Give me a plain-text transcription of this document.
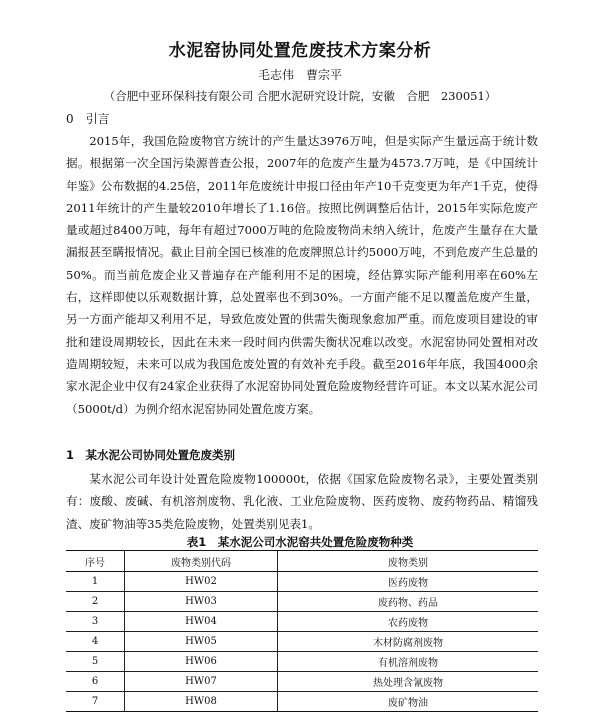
水泥窑协同处置危废技术方案分析
毛志伟　曹宗平
（合肥中亚环保科技有限公司 合肥水泥研究设计院，安徽　合肥　230051）
0　引言

2015年，我国危险废物官方统计的产生量达3976万吨，但是实际产生量远高于统计数据。根据第一次全国污染源普查公报，2007年的危废产生量为4573.7万吨，是《中国统计年鉴》公布数据的4.25倍，2011年危废统计申报口径由年产10千克变更为年产1千克，使得2011年统计的产生量较2010年增长了1.16倍。按照比例调整后估计，2015年实际危废产量或超过8400万吨，每年有超过7000万吨的危险废物尚未纳入统计，危废产生量存在大量漏报甚至瞒报情况。截止目前全国已核准的危废牌照总计约5000万吨，不到危废产生总量的50%。而当前危废企业又普遍存在产能利用不足的困境，经估算实际产能利用率在60%左右，这样即使以乐观数据计算，总处置率也不到30%。一方面产能不足以覆盖危废产生量，另一方面产能却又利用不足，导致危废处置的供需失衡现象愈加严重。而危废项目建设的审批和建设周期较长，因此在未来一段时间内供需失衡状况难以改变。水泥窑协同处置相对改造周期较短，未来可以成为我国危废处置的有效补充手段。截至2016年年底，我国4000余家水泥企业中仅有24家企业获得了水泥窑协同处置危险废物经营许可证。本文以某水泥公司（5000t/d）为例介绍水泥窑协同处置危废方案。

1　某水泥公司协同处置危废类别

某水泥公司年设计处置危险废物100000t，依据《国家危险废物名录》，主要处置类别有：废酸、废碱、有机溶剂废物、乳化液、工业危险废物、医药废物、废药物药品、精馏残渣、废矿物油等35类危险废物，处置类别见表1。

表1　某水泥公司水泥窑共处置危险废物种类
序号	废物类别代码	废物类别
1	HW02	医药废物
2	HW03	废药物、药品
3	HW04	农药废物
4	HW05	木材防腐剂废物
5	HW06	有机溶剂废物
6	HW07	热处理含氰废物
7	HW08	废矿物油
